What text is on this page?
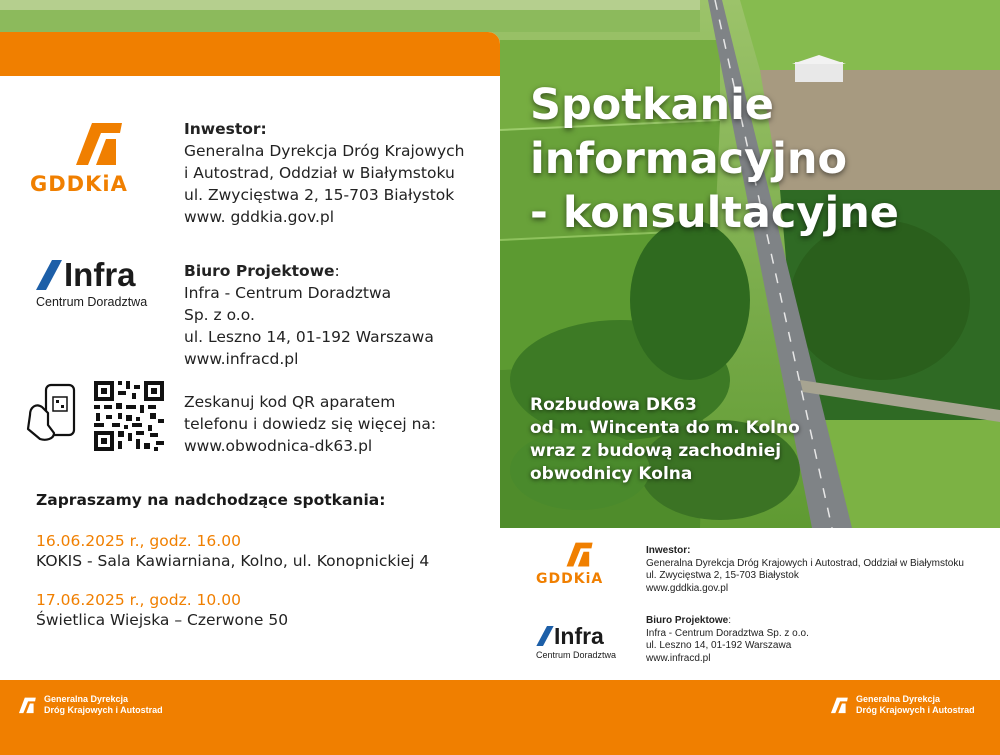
GDDKiA
Inwestor:
Generalna Dyrekcja Dróg Krajowych
i Autostrad, Oddział w Białymstoku
ul. Zwycięstwa 2, 15-703 Białystok
www. gddkia.gov.pl
Infra
Centrum Doradztwa
Biuro Projektowe:
Infra - Centrum Doradztwa
Sp. z o.o.
ul. Leszno 14, 01-192 Warszawa
www.infracd.pl
Zeskanuj kod QR aparatem
telefonu i dowiedz się więcej na:
www.obwodnica-dk63.pl
Zapraszamy na nadchodzące spotkania:
16.06.2025 r., godz. 16.00
KOKIS - Sala Kawiarniana, Kolno, ul. Konopnickiej 4
17.06.2025 r., godz. 10.00
Świetlica Wiejska – Czerwone 50
Spotkanie
informacyjno
- konsultacyjne
Rozbudowa DK63
od m. Wincenta do m. Kolno
wraz z budową zachodniej
obwodnicy Kolna
GDDKiA
Inwestor:
Generalna Dyrekcja Dróg Krajowych i Autostrad, Oddział w Białymstoku
ul. Zwycięstwa 2, 15-703 Białystok
www.gddkia.gov.pl
Infra
Centrum Doradztwa
Biuro Projektowe:
Infra - Centrum Doradztwa Sp. z o.o.
ul. Leszno 14, 01-192 Warszawa
www.infracd.pl
Generalna Dyrekcja
Dróg Krajowych i Autostrad
Generalna Dyrekcja
Dróg Krajowych i Autostrad
